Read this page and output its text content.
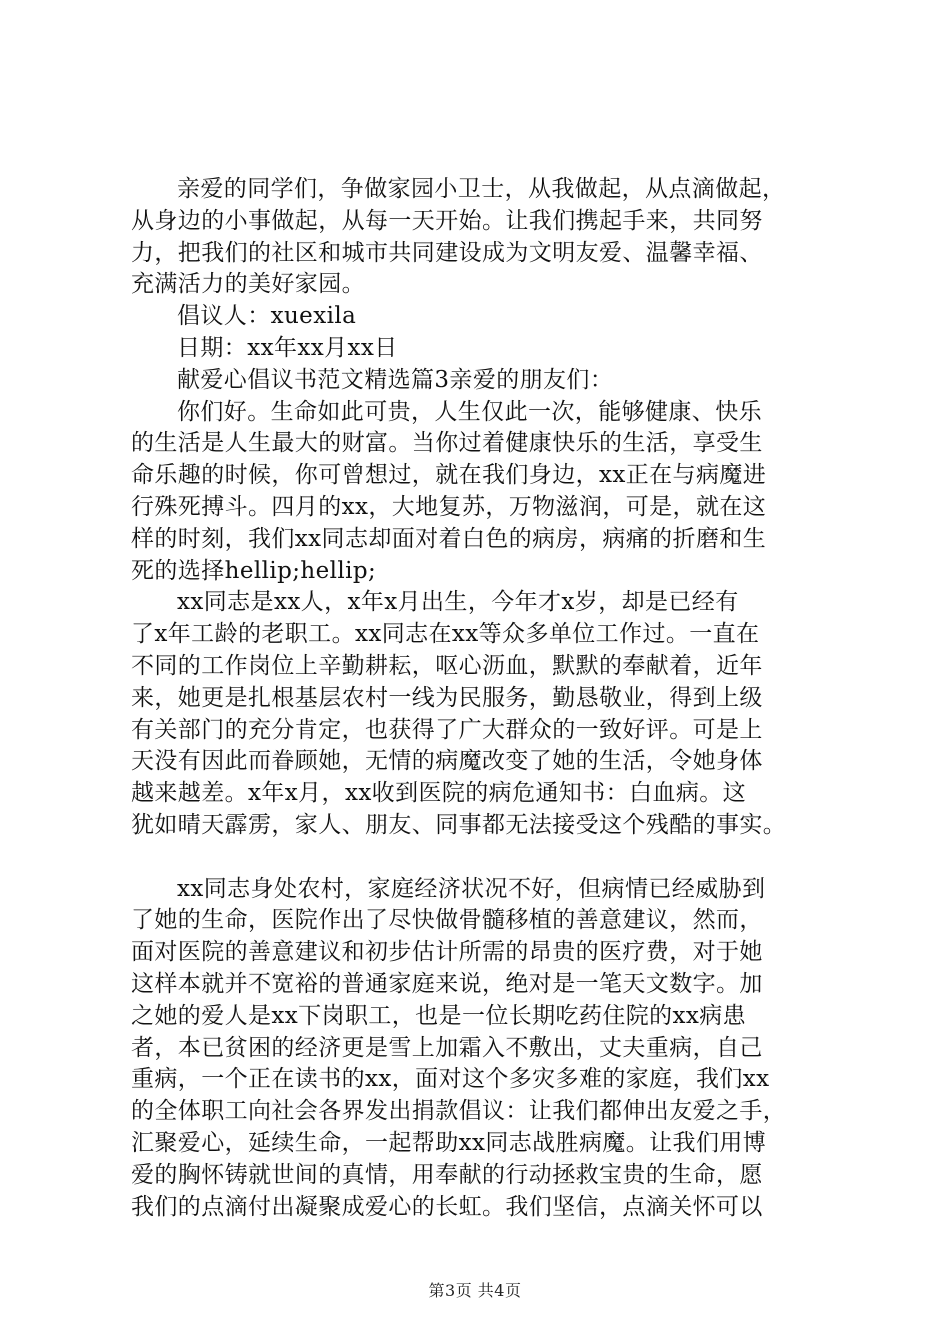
亲爱的同学们，争做家园小卫士，从我做起，从点滴做起，
从身边的小事做起，从每一天开始。让我们携起手来，共同努
力，把我们的社区和城市共同建设成为文明友爱、温馨幸福、
充满活力的美好家园。
倡议人：xuexila
日期：xx年xx月xx日
献爱心倡议书范文精选篇3亲爱的朋友们：
你们好。生命如此可贵，人生仅此一次，能够健康、快乐
的生活是人生最大的财富。当你过着健康快乐的生活，享受生
命乐趣的时候，你可曾想过，就在我们身边，xx正在与病魔进
行殊死搏斗。四月的xx，大地复苏，万物滋润，可是，就在这
样的时刻，我们xx同志却面对着白色的病房，病痛的折磨和生
死的选择hellip;hellip;
xx同志是xx人，x年x月出生，今年才x岁，却是已经有
了x年工龄的老职工。xx同志在xx等众多单位工作过。一直在
不同的工作岗位上辛勤耕耘，呕心沥血，默默的奉献着，近年
来，她更是扎根基层农村一线为民服务，勤恳敬业，得到上级
有关部门的充分肯定，也获得了广大群众的一致好评。可是上
天没有因此而眷顾她，无情的病魔改变了她的生活，令她身体
越来越差。x年x月，xx收到医院的病危通知书：白血病。这
犹如晴天霹雳，家人、朋友、同事都无法接受这个残酷的事实。
xx同志身处农村，家庭经济状况不好，但病情已经威胁到
了她的生命，医院作出了尽快做骨髓移植的善意建议，然而，
面对医院的善意建议和初步估计所需的昂贵的医疗费，对于她
这样本就并不宽裕的普通家庭来说，绝对是一笔天文数字。加
之她的爱人是xx下岗职工，也是一位长期吃药住院的xx病患
者，本已贫困的经济更是雪上加霜入不敷出，丈夫重病，自己
重病，一个正在读书的xx，面对这个多灾多难的家庭，我们xx
的全体职工向社会各界发出捐款倡议：让我们都伸出友爱之手，
汇聚爱心，延续生命，一起帮助xx同志战胜病魔。让我们用博
爱的胸怀铸就世间的真情，用奉献的行动拯救宝贵的生命，愿
我们的点滴付出凝聚成爱心的长虹。我们坚信，点滴关怀可以
第3页 共4页
